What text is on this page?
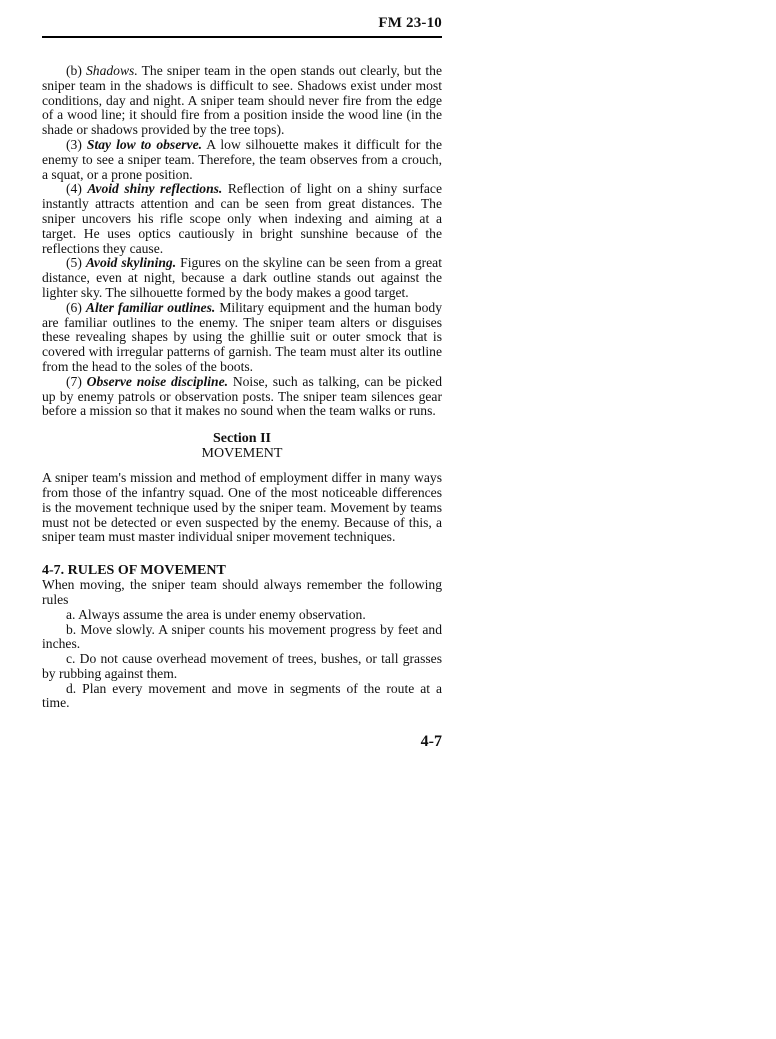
FM 23-10

(b) Shadows. The sniper team in the open stands out clearly, but the sniper team in the shadows is difficult to see. Shadows exist under most conditions, day and night. A sniper team should never fire from the edge of a wood line; it should fire from a position inside the wood line (in the shade or shadows provided by the tree tops).

(3) Stay low to observe. A low silhouette makes it difficult for the enemy to see a sniper team. Therefore, the team observes from a crouch, a squat, or a prone position.

(4) Avoid shiny reflections. Reflection of light on a shiny surface instantly attracts attention and can be seen from great distances. The sniper uncovers his rifle scope only when indexing and aiming at a target. He uses optics cautiously in bright sunshine because of the reflections they cause.

(5) Avoid skylining. Figures on the skyline can be seen from a great distance, even at night, because a dark outline stands out against the lighter sky. The silhouette formed by the body makes a good target.

(6) Alter familiar outlines. Military equipment and the human body are familiar outlines to the enemy. The sniper team alters or disguises these revealing shapes by using the ghillie suit or outer smock that is covered with irregular patterns of garnish. The team must alter its outline from the head to the soles of the boots.

(7) Observe noise discipline. Noise, such as talking, can be picked up by enemy patrols or observation posts. The sniper team silences gear before a mission so that it makes no sound when the team walks or runs.

Section II
MOVEMENT

A sniper team's mission and method of employment differ in many ways from those of the infantry squad. One of the most noticeable differences is the movement technique used by the sniper team. Movement by teams must not be detected or even suspected by the enemy. Because of this, a sniper team must master individual sniper movement techniques.

4-7. RULES OF MOVEMENT

When moving, the sniper team should always remember the following rules

a. Always assume the area is under enemy observation.

b. Move slowly. A sniper counts his movement progress by feet and inches.

c. Do not cause overhead movement of trees, bushes, or tall grasses by rubbing against them.

d. Plan every movement and move in segments of the route at a time.

4-7
